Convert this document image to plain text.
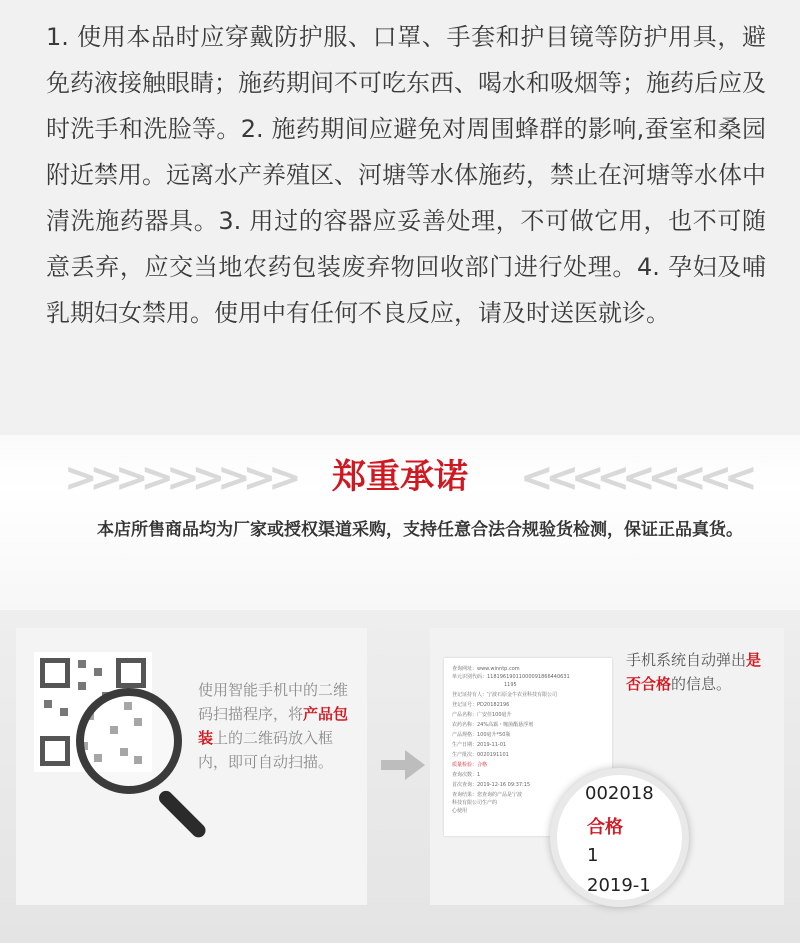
1. 使用本品时应穿戴防护服、口罩、手套和护目镜等防护用具，避免药液接触眼睛；施药期间不可吃东西、喝水和吸烟等；施药后应及时洗手和洗脸等。2. 施药期间应避免对周围蜂群的影响,蚕室和桑园附近禁用。远离水产养殖区、河塘等水体施药，禁止在河塘等水体中清洗施药器具。3. 用过的容器应妥善处理，不可做它用，也不可随意丢弃，应交当地农药包装废弃物回收部门进行处理。4. 孕妇及哺乳期妇女禁用。使用中有任何不良反应，请及时送医就诊。

>>>>>>>>>	<<<<<<<<<
郑重承诺

本店所售商品均为厂家或授权渠道采购，支持任意合法合规验货检测，保证正品真货。

使用智能手机中的二维码扫描程序，将产品包装上的二维码放入框内，即可自动扫描。

查询网址：www.winntp.com
单元识别代码：11819619011000091866440631
1195
登记证持有人：宁波石原金牛农业科技有限公司
登记证号：PD20182196
产品名称：广安佳100毫升
农药名称：24%高霸・噻菌酯悬浮剂
产品规格：100毫升*50瓶
生产日期：2019-11-01
生产批次：0020191101
质量检验：合格
查询次数：1
首次查询：2019-12-16 09:37:15
查询结果：您查询的产品是宁波
科技有限公司生产的
心使用

手机系统自动弹出是否合格的信息。

002018
合格
1
2019-1
